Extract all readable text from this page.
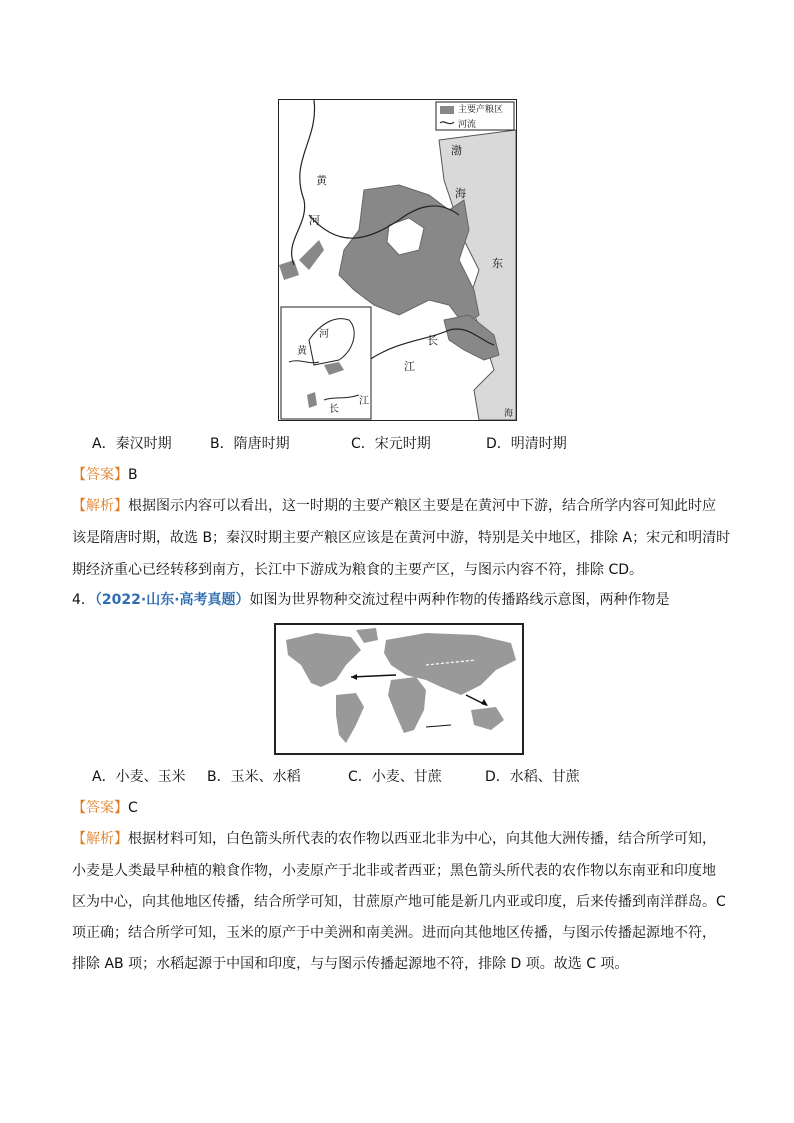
主要产粮区
河流
黄
河
渤
海
东
长
江
河
黄
长
江
海
A．秦汉时期	B．隋唐时期	C．宋元时期	D．明清时期
【答案】B
【解析】根据图示内容可以看出，这一时期的主要产粮区主要是在黄河中下游，结合所学内容可知此时应
该是隋唐时期，故选 B；秦汉时期主要产粮区应该是在黄河中游，特别是关中地区，排除 A；宋元和明清时
期经济重心已经转移到南方，长江中下游成为粮食的主要产区，与图示内容不符，排除 CD。
4．（2022·山东·高考真题）如图为世界物种交流过程中两种作物的传播路线示意图，两种作物是
A．小麦、玉米 B．玉米、水稻	C．小麦、甘蔗	D．水稻、甘蔗
【答案】C
【解析】根据材料可知，白色箭头所代表的农作物以西亚北非为中心，向其他大洲传播，结合所学可知，
小麦是人类最早种植的粮食作物，小麦原产于北非或者西亚；黑色箭头所代表的农作物以东南亚和印度地
区为中心，向其他地区传播，结合所学可知，甘蔗原产地可能是新几内亚或印度，后来传播到南洋群岛。C
项正确；结合所学可知，玉米的原产于中美洲和南美洲。进而向其他地区传播，与图示传播起源地不符，
排除 AB 项；水稻起源于中国和印度，与与图示传播起源地不符，排除 D 项。故选 C 项。
